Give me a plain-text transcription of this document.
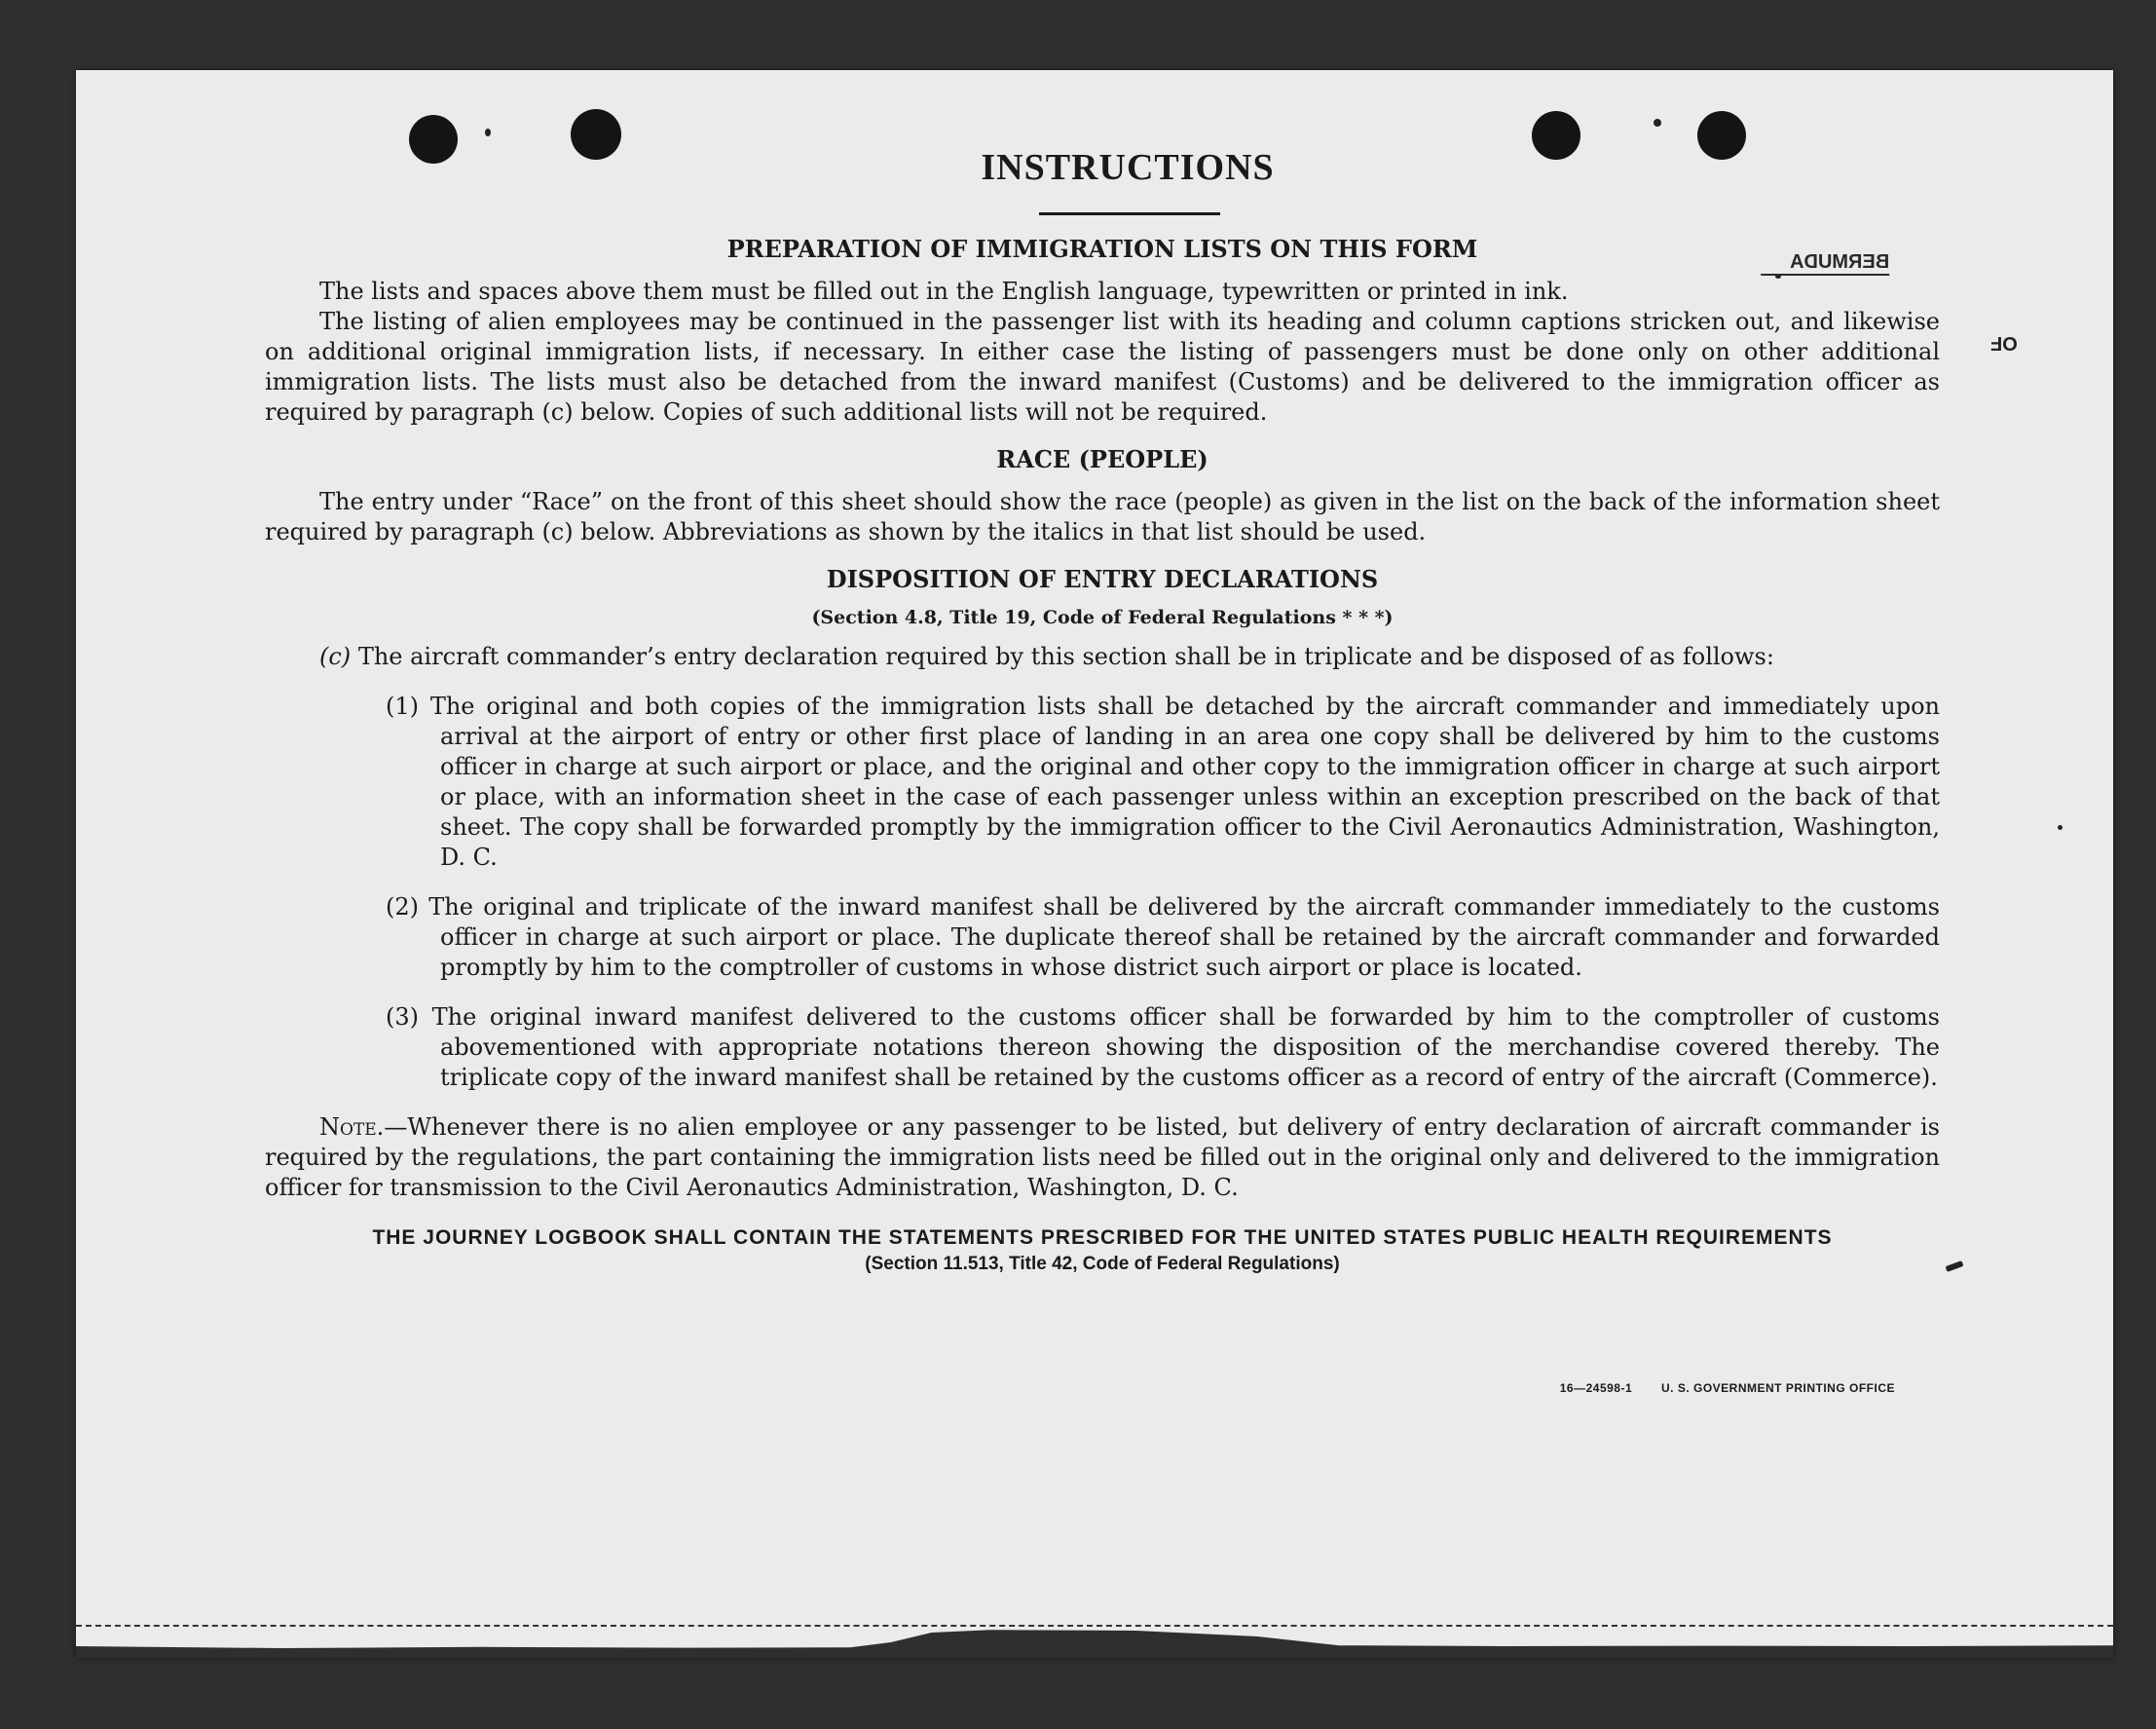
BERMUDA
OF
INSTRUCTIONS
PREPARATION OF IMMIGRATION LISTS ON THIS FORM

The lists and spaces above them must be filled out in the English language, typewritten or printed in ink.

The listing of alien employees may be continued in the passenger list with its heading and column captions stricken out, and likewise on additional original immigration lists, if necessary. In either case the listing of passengers must be done only on other additional immigration lists. The lists must also be detached from the inward manifest (Customs) and be delivered to the immigration officer as required by paragraph (c) below. Copies of such additional lists will not be required.

RACE (PEOPLE)

The entry under “Race” on the front of this sheet should show the race (people) as given in the list on the back of the information sheet required by paragraph (c) below. Abbreviations as shown by the italics in that list should be used.

DISPOSITION OF ENTRY DECLARATIONS
(Section 4.8, Title 19, Code of Federal Regulations * * *)
(c) The aircraft commander’s entry declaration required by this section shall be in triplicate and be disposed of as follows:
(1) The original and both copies of the immigration lists shall be detached by the aircraft commander and immediately upon arrival at the airport of entry or other first place of landing in an area one copy shall be delivered by him to the customs officer in charge at such airport or place, and the original and other copy to the immigration officer in charge at such airport or place, with an information sheet in the case of each passenger unless within an exception prescribed on the back of that sheet. The copy shall be forwarded promptly by the immigration officer to the Civil Aeronautics Administration, Washington, D. C.
(2) The original and triplicate of the inward manifest shall be delivered by the aircraft commander immediately to the customs officer in charge at such airport or place. The duplicate thereof shall be retained by the aircraft commander and forwarded promptly by him to the comptroller of customs in whose district such airport or place is located.
(3) The original inward manifest delivered to the customs officer shall be forwarded by him to the comptroller of customs abovementioned with appropriate notations thereon showing the disposition of the merchandise covered thereby. The triplicate copy of the inward manifest shall be retained by the customs officer as a record of entry of the aircraft (Commerce).

Note.—Whenever there is no alien employee or any passenger to be listed, but delivery of entry declaration of aircraft commander is required by the regulations, the part containing the immigration lists need be filled out in the original only and delivered to the immigration officer for transmission to the Civil Aeronautics Administration, Washington, D. C.

THE JOURNEY LOGBOOK SHALL CONTAIN THE STATEMENTS PRESCRIBED FOR THE UNITED STATES PUBLIC HEALTH REQUIREMENTS
(Section 11.513, Title 42, Code of Federal Regulations)
16—24598-1 U. S. GOVERNMENT PRINTING OFFICE
